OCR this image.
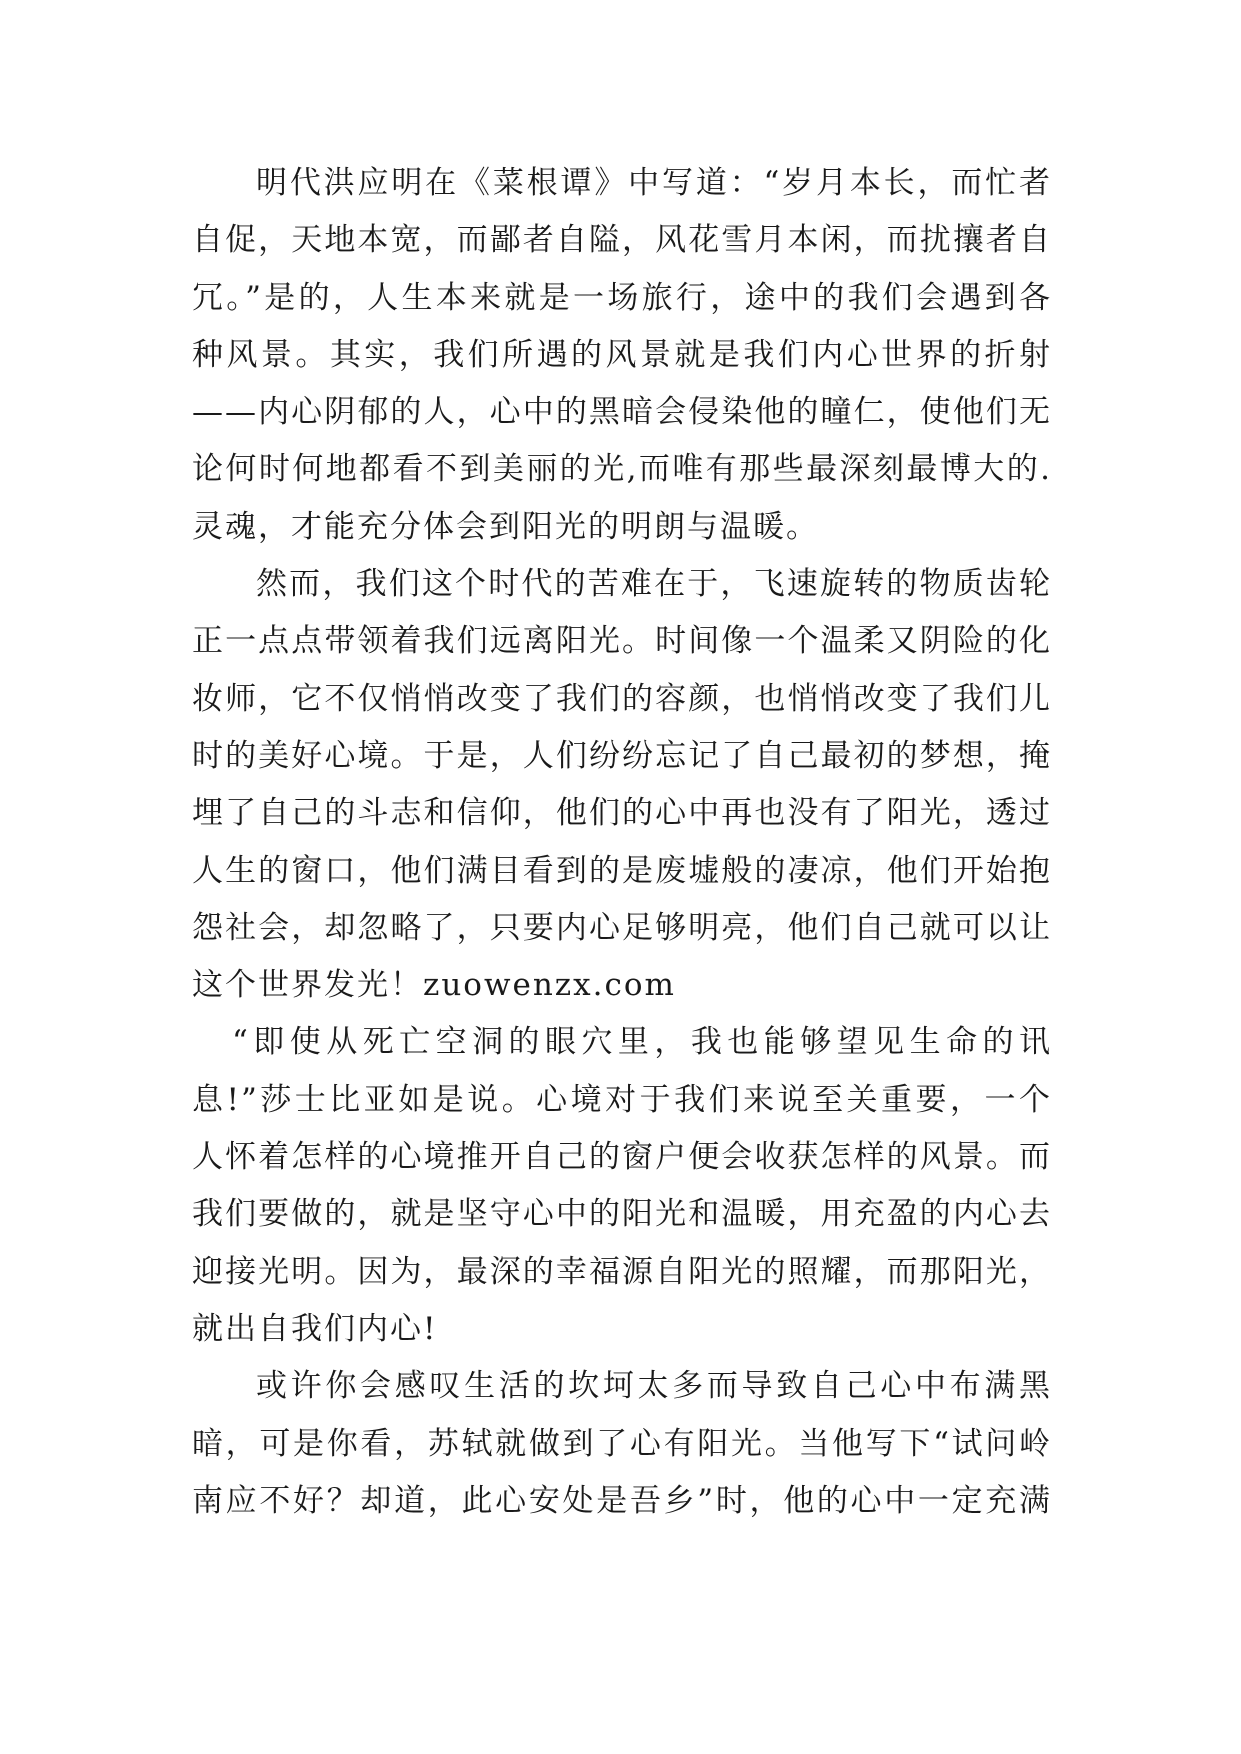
明代洪应明在《菜根谭》中写道：“岁月本长，而忙者
自促，天地本宽，而鄙者自隘，风花雪月本闲，而扰攘者自
冗。”是的，人生本来就是一场旅行，途中的我们会遇到各
种风景。其实，我们所遇的风景就是我们内心世界的折射
——内心阴郁的人，心中的黑暗会侵染他的瞳仁，使他们无
论何时何地都看不到美丽的光,而唯有那些最深刻最博大的.
灵魂，才能充分体会到阳光的明朗与温暖。
然而，我们这个时代的苦难在于，飞速旋转的物质齿轮
正一点点带领着我们远离阳光。时间像一个温柔又阴险的化
妆师，它不仅悄悄改变了我们的容颜，也悄悄改变了我们儿
时的美好心境。于是，人们纷纷忘记了自己最初的梦想，掩
埋了自己的斗志和信仰，他们的心中再也没有了阳光，透过
人生的窗口，他们满目看到的是废墟般的凄凉，他们开始抱
怨社会，却忽略了，只要内心足够明亮，他们自己就可以让
这个世界发光！zuowenzx.com
“即使从死亡空洞的眼穴里，我也能够望见生命的讯
息!”莎士比亚如是说。心境对于我们来说至关重要，一个
人怀着怎样的心境推开自己的窗户便会收获怎样的风景。而
我们要做的，就是坚守心中的阳光和温暖，用充盈的内心去
迎接光明。因为，最深的幸福源自阳光的照耀，而那阳光，
就出自我们内心!
或许你会感叹生活的坎坷太多而导致自己心中布满黑
暗，可是你看，苏轼就做到了心有阳光。当他写下“试问岭
南应不好？却道，此心安处是吾乡”时，他的心中一定充满
